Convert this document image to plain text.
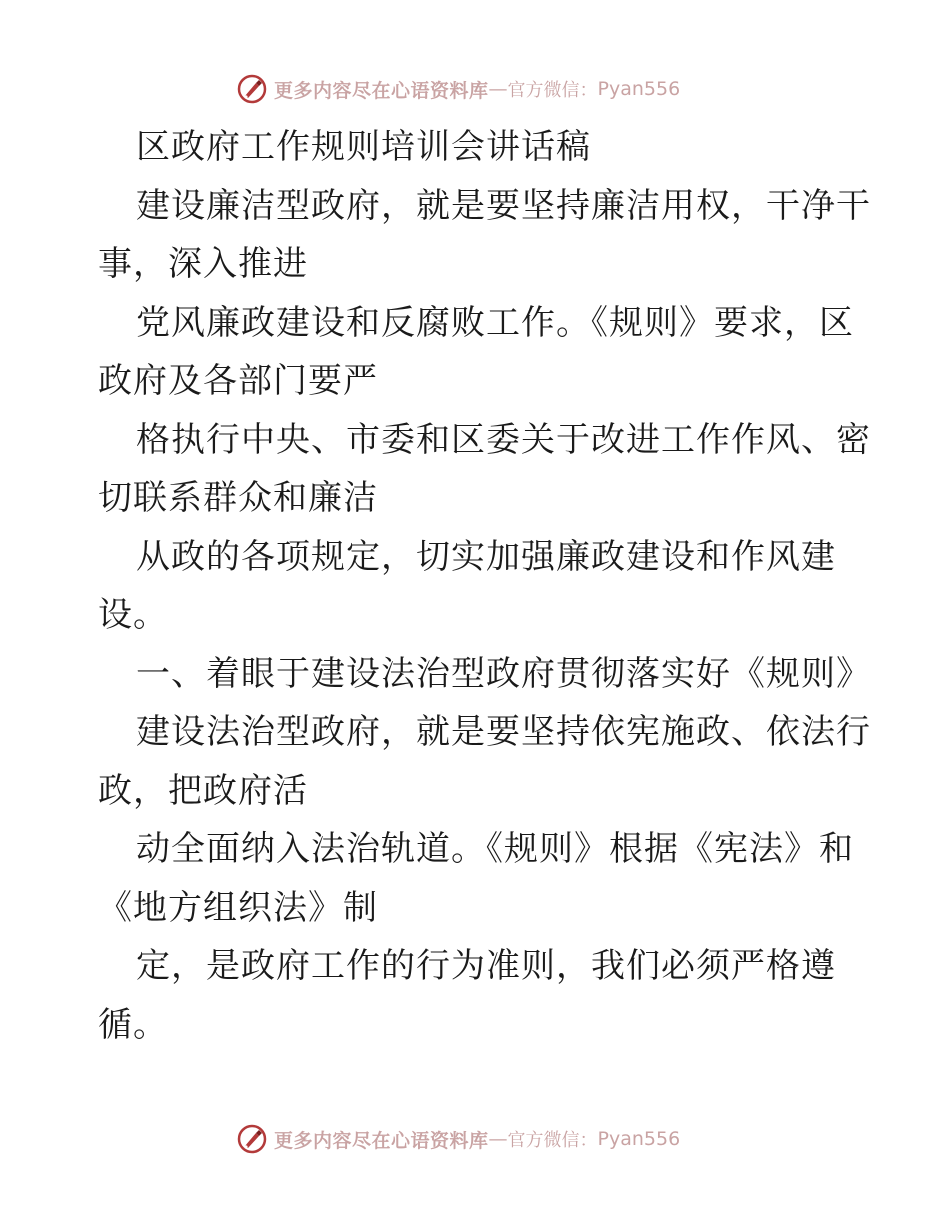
更多内容尽在心语资料库 — 官方微信： Pyan556
区政府工作规则培训会讲话稿
建设廉洁型政府，就是要坚持廉洁用权，干净干
事，深入推进
党风廉政建设和反腐败工作。《规则》要求，区
政府及各部门要严
格执行中央、市委和区委关于改进工作作风、密
切联系群众和廉洁
从政的各项规定，切实加强廉政建设和作风建
设。
一、着眼于建设法治型政府贯彻落实好《规则》
建设法治型政府，就是要坚持依宪施政、依法行
政，把政府活
动全面纳入法治轨道。《规则》根据《宪法》和
《地方组织法》制
定，是政府工作的行为准则，我们必须严格遵
循。
更多内容尽在心语资料库 — 官方微信： Pyan556
